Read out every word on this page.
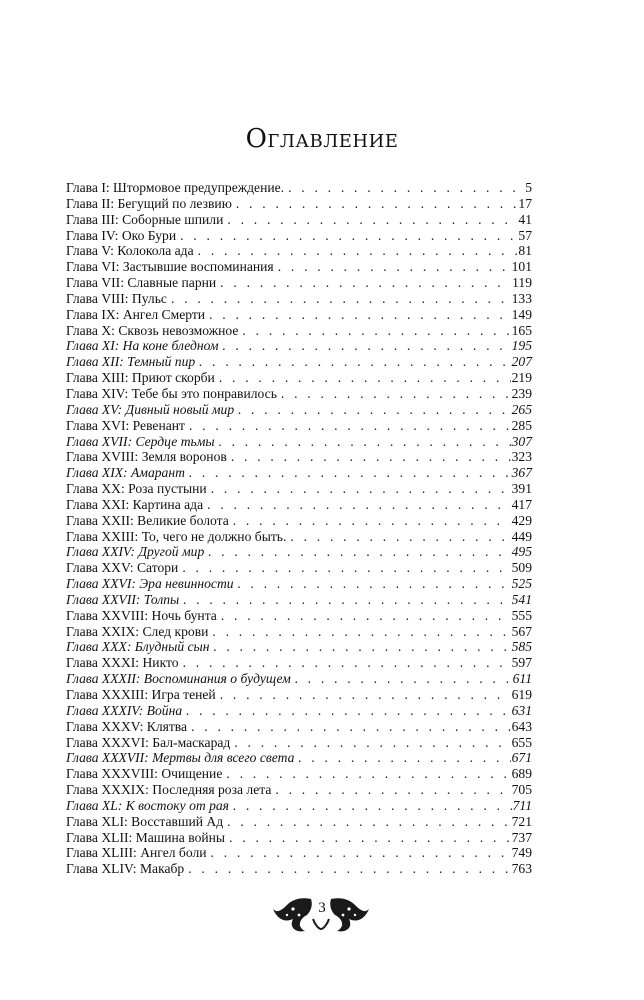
Оглавление
Глава I: Штормовое предупреждение. . . .	5
Глава II: Бегущий по лезвию . . .	17
Глава III: Соборные шпили . . .	41
Глава IV: Око Бури . . .	57
Глава V: Колокола ада . . .	81
Глава VI: Застывшие воспоминания . . .	101
Глава VII: Славные парни . . .	119
Глава VIII: Пульс . . .	133
Глава IX: Ангел Смерти . . .	149
Глава X: Сквозь невозможное . . .	165
Глава XI: На коне бледном . . .	195
Глава XII: Темный пир . . .	207
Глава XIII: Приют скорби . . .	219
Глава XIV: Тебе бы это понравилось . . .	239
Глава XV: Дивный новый мир . . .	265
Глава XVI: Ревенант . . .	285
Глава XVII: Сердце тьмы . . .	307
Глава XVIII: Земля воронов . . .	323
Глава XIX: Амарант . . .	367
Глава XX: Роза пустыни . . .	391
Глава XXI: Картина ада . . .	417
Глава XXII: Великие болота . . .	429
Глава XXIII: То, чего не должно быть. . . .	449
Глава XXIV: Другой мир . . .	495
Глава XXV: Сатори . . .	509
Глава XXVI: Эра невинности . . .	525
Глава XXVII: Толпы . . .	541
Глава XXVIII: Ночь бунта . . .	555
Глава XXIX: След крови . . .	567
Глава XXX: Блудный сын . . .	585
Глава XXXI: Никто . . .	597
Глава XXXII: Воспоминания о будущем . . .	611
Глава XXXIII: Игра теней . . .	619
Глава XXXIV: Война . . .	631
Глава XXXV: Клятва . . .	643
Глава XXXVI: Бал-маскарад . . .	655
Глава XXXVII: Мертвы для всего света . . .	671
Глава XXXVIII: Очищение . . .	689
Глава XXXIX: Последняя роза лета . . .	705
Глава XL: К востоку от рая . . .	711
Глава XLI: Восставший Ад . . .	721
Глава XLII: Машина войны . . .	737
Глава XLIII: Ангел боли . . .	749
Глава XLIV: Макабр . . .	763
3
